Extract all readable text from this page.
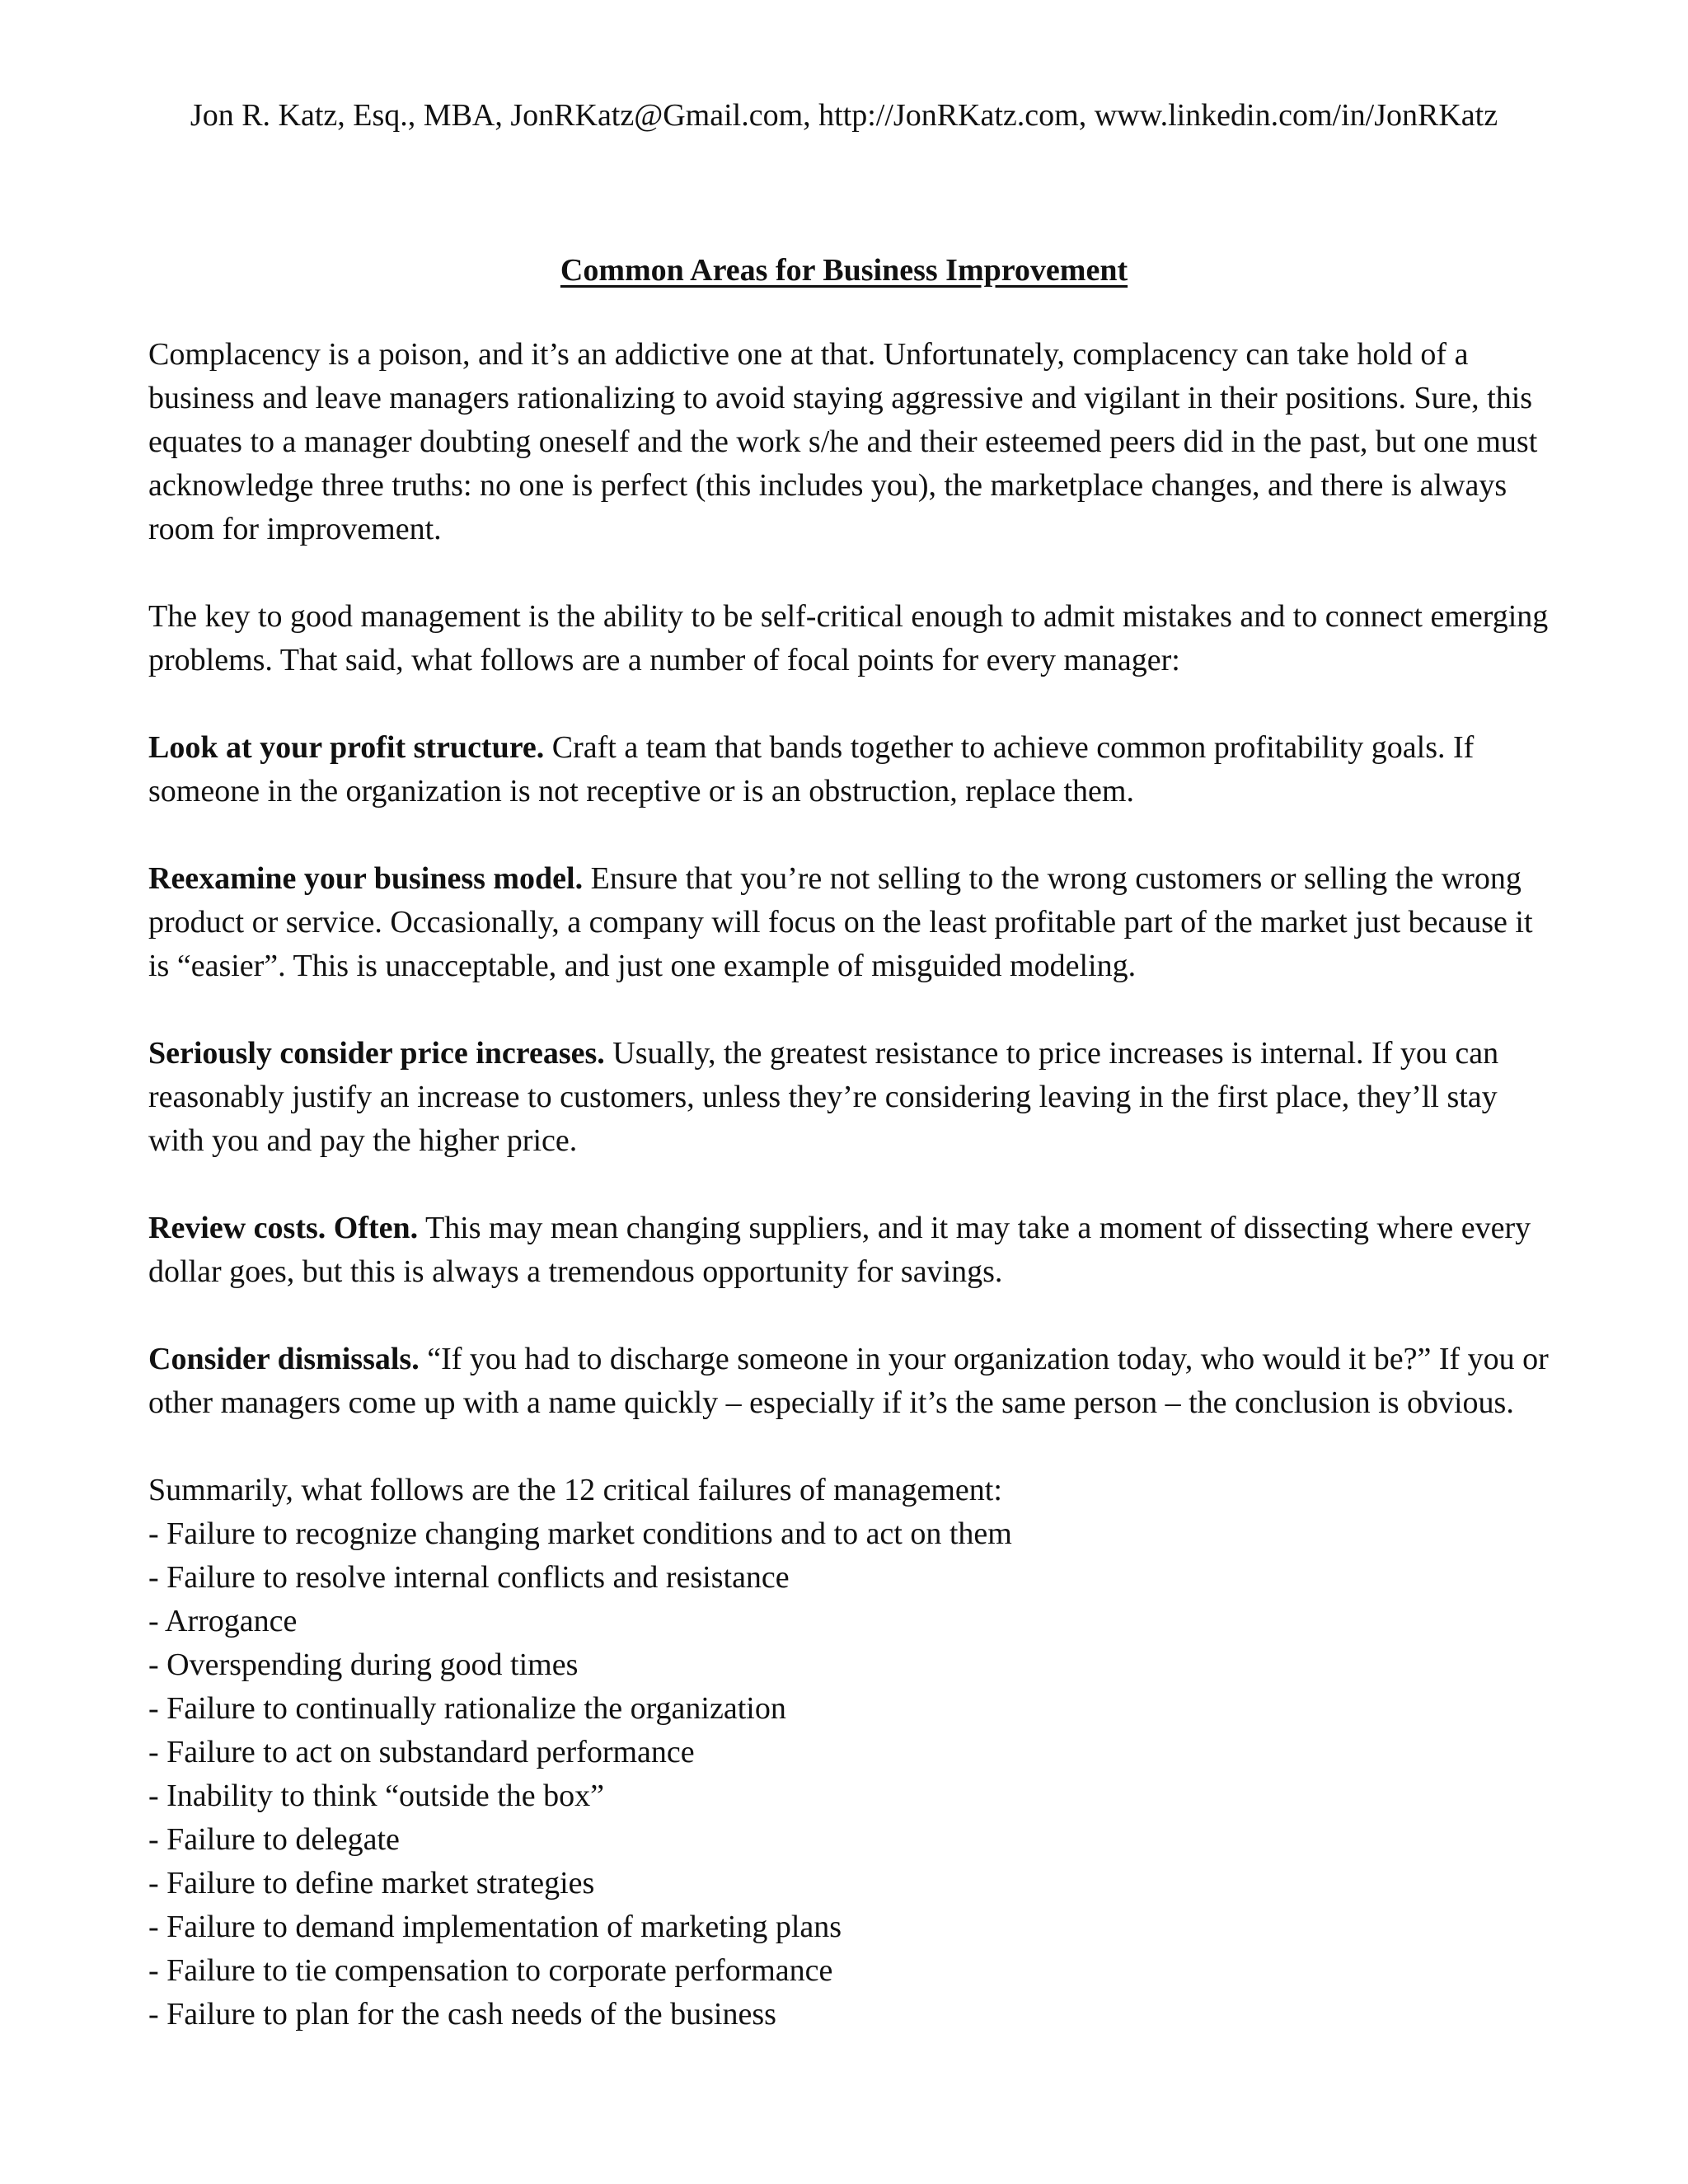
Jon R. Katz, Esq., MBA, JonRKatz@Gmail.com, http://JonRKatz.com, www.linkedin.com/in/JonRKatz
Common Areas for Business Improvement

Complacency is a poison, and it’s an addictive one at that. Unfortunately, complacency can take hold of a business and leave managers rationalizing to avoid staying aggressive and vigilant in their positions. Sure, this equates to a manager doubting oneself and the work s/he and their esteemed peers did in the past, but one must acknowledge three truths: no one is perfect (this includes you), the marketplace changes, and there is always room for improvement.

The key to good management is the ability to be self-critical enough to admit mistakes and to connect emerging problems. That said, what follows are a number of focal points for every manager:

Look at your profit structure. Craft a team that bands together to achieve common profitability goals. If someone in the organization is not receptive or is an obstruction, replace them.

Reexamine your business model. Ensure that you’re not selling to the wrong customers or selling the wrong product or service. Occasionally, a company will focus on the least profitable part of the market just because it is “easier”. This is unacceptable, and just one example of misguided modeling.

Seriously consider price increases. Usually, the greatest resistance to price increases is internal. If you can reasonably justify an increase to customers, unless they’re considering leaving in the first place, they’ll stay with you and pay the higher price.

Review costs. Often. This may mean changing suppliers, and it may take a moment of dissecting where every dollar goes, but this is always a tremendous opportunity for savings.

Consider dismissals. “If you had to discharge someone in your organization today, who would it be?” If you or other managers come up with a name quickly – especially if it’s the same person – the conclusion is obvious.

Summarily, what follows are the 12 critical failures of management:

- Failure to recognize changing market conditions and to act on them
- Failure to resolve internal conflicts and resistance
- Arrogance
- Overspending during good times
- Failure to continually rationalize the organization
- Failure to act on substandard performance
- Inability to think “outside the box”
- Failure to delegate
- Failure to define market strategies
- Failure to demand implementation of marketing plans
- Failure to tie compensation to corporate performance
- Failure to plan for the cash needs of the business
